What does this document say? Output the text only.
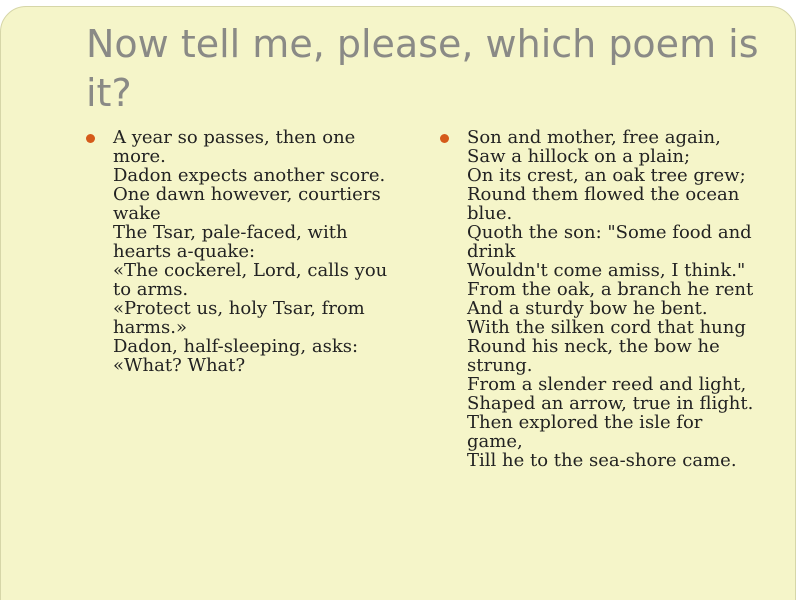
Now tell me, please, which poem is it?
A year so passes, then one more.
Dadon expects another score.
One dawn however, courtiers wake
The Tsar, pale-faced, with hearts a-quake:
«The cockerel, Lord, calls you to arms.
«Protect us, holy Tsar, from harms.»
Dadon, half-sleeping, asks: «What? What?
Son and mother, free again,
Saw a hillock on a plain;
On its crest, an oak tree grew;
Round them flowed the ocean blue.
Quoth the son: "Some food and drink
Wouldn't come amiss, I think."
From the oak, a branch he rent
And a sturdy bow he bent.
With the silken cord that hung
Round his neck, the bow he strung.
From a slender reed and light,
Shaped an arrow, true in flight.
Then explored the isle for game,
Till he to the sea-shore came.
